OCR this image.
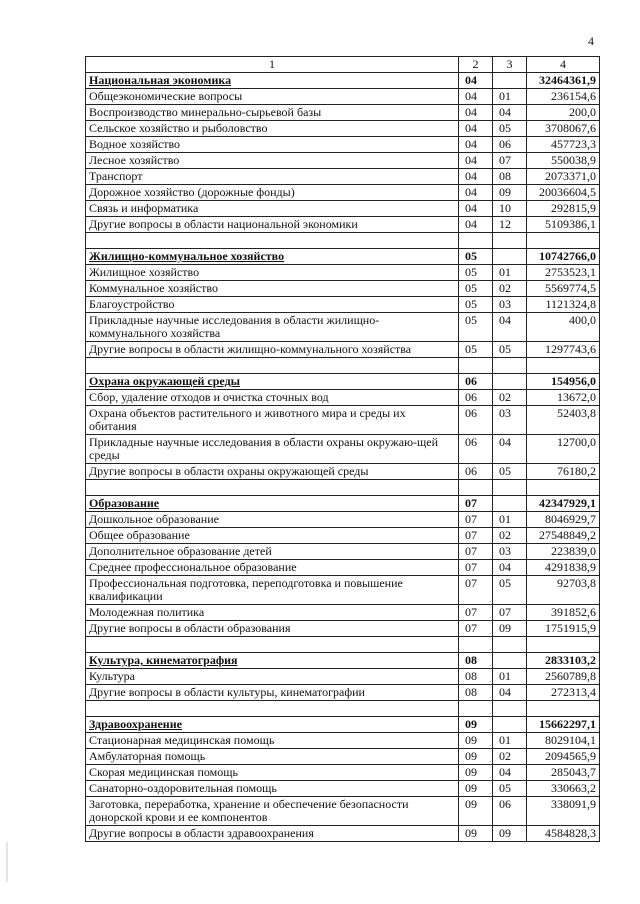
4
1	2	3	4
Национальная экономика	04		32464361,9
Общеэкономические вопросы	04	01	236154,6
Воспроизводство минерально-сырьевой базы	04	04	200,0
Сельское хозяйство и рыболовство	04	05	3708067,6
Водное хозяйство	04	06	457723,3
Лесное хозяйство	04	07	550038,9
Транспорт	04	08	2073371,0
Дорожное хозяйство (дорожные фонды)	04	09	20036604,5
Связь и информатика	04	10	292815,9
Другие вопросы в области национальной экономики	04	12	5109386,1

Жилищно-коммунальное хозяйство	05		10742766,0
Жилищное хозяйство	05	01	2753523,1
Коммунальное хозяйство	05	02	5569774,5
Благоустройство	05	03	1121324,8
Прикладные научные исследования в области жилищно-коммунального хозяйства	05	04	400,0
Другие вопросы в области жилищно-коммунального хозяйства	05	05	1297743,6

Охрана окружающей среды	06		154956,0
Сбор, удаление отходов и очистка сточных вод	06	02	13672,0
Охрана объектов растительного и животного мира и среды их обитания	06	03	52403,8
Прикладные научные исследования в области охраны окружаю-щей среды	06	04	12700,0
Другие вопросы в области охраны окружающей среды	06	05	76180,2

Образование	07		42347929,1
Дошкольное образование	07	01	8046929,7
Общее образование	07	02	27548849,2
Дополнительное образование детей	07	03	223839,0
Среднее профессиональное образование	07	04	4291838,9
Профессиональная подготовка, переподготовка и повышение квалификации	07	05	92703,8
Молодежная политика	07	07	391852,6
Другие вопросы в области образования	07	09	1751915,9

Культура, кинематография	08		2833103,2
Культура	08	01	2560789,8
Другие вопросы в области культуры, кинематографии	08	04	272313,4

Здравоохранение	09		15662297,1
Стационарная медицинская помощь	09	01	8029104,1
Амбулаторная помощь	09	02	2094565,9
Скорая медицинская помощь	09	04	285043,7
Санаторно-оздоровительная помощь	09	05	330663,2
Заготовка, переработка, хранение и обеспечение безопасности донорской крови и ее компонентов	09	06	338091,9
Другие вопросы в области здравоохранения	09	09	4584828,3
